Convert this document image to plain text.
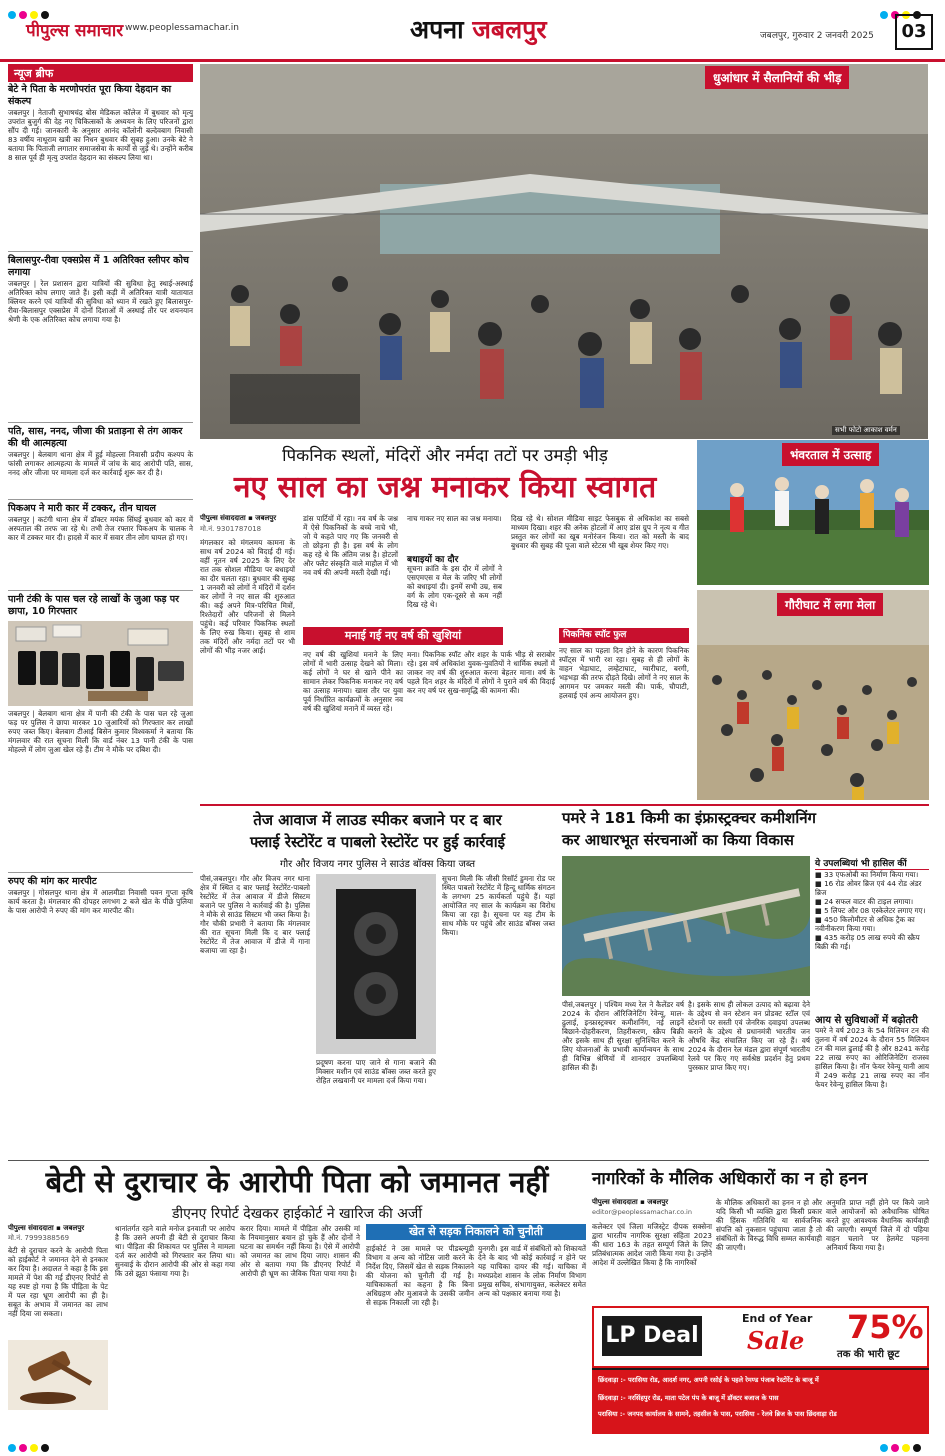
पीपुल्स समाचार www.peoplessamachar.in	अपना जबलपुर	जबलपुर, गुरुवार 2 जनवरी 2025	03
न्यूज ब्रीफ
बेटे ने पिता के मरणोपरांत पूरा किया देहदान का संकल्प
जबलपुर | नेताजी सुभाषचंद्र बोस मेडिकल कॉलेज में बुधवार को मृत्यु उपरांत बुजुर्ग की देह नए चिकित्सकों के अध्ययन के लिए परिजनों द्वारा सौंप दी गई। जानकारी के अनुसार आनंद कॉलोनी बल्देवबाग निवासी 83 वर्षीय नाथूराम खत्री का निधन बुधवार की सुबह हुआ। उनके बेटे ने बताया कि पिताजी लगातार समाजसेवा के कार्यों से जुड़े थे। उन्होंने करीब 8 साल पूर्व ही मृत्यु उपरांत देहदान का संकल्प लिया था।
बिलासपुर-रीवा एक्सप्रेस में 1 अतिरिक्त स्लीपर कोच लगाया
जबलपुर | रेल प्रशासन द्वारा यात्रियों की सुविधा हेतु स्थाई-अस्थाई अतिरिक्त कोच लगाए जाते हैं। इसी कड़ी में अतिरिक्त यात्री यातायात क्लियर करने एवं यात्रियों की सुविधा को ध्यान में रखते हुए बिलासपुर-रीवा-बिलासपुर एक्सप्रेस में दोनों दिशाओं में अस्थाई तौर पर शयनयान श्रेणी के एक अतिरिक्त कोच लगाया गया है।
पति, सास, ननद, जीजा की प्रताड़ना से तंग आकर की थी आत्महत्या
जबलपुर | बेलबाग थाना क्षेत्र में हुई मोहल्ला निवासी प्रदीप कश्यप के फांसी लगाकर आत्महत्या के मामले में जांच के बाद आरोपी पति, सास, ननद और जीजा पर मामला दर्ज कर कार्रवाई शुरू कर दी है।
पिकअप ने मारी कार में टक्कर, तीन घायल
जबलपुर | कटंगी थाना क्षेत्र में डॉक्टर मयंक सिंघई बुधवार को कार में अस्पताल की तरफ जा रहे थे। तभी तेज रफ्तार पिकअप के चालक ने कार में टक्कर मार दी। हादसे में कार में सवार तीन लोग घायल हो गए।
पानी टंकी के पास चल रहे लाखों के जुआ फड़ पर छापा, 10 गिरफ्तार
जबलपुर | बेलबाग थाना क्षेत्र में पानी की टंकी के पास चल रहे जुआ फड़ पर पुलिस ने छापा मारकर 10 जुआरियों को गिरफ्तार कर लाखों रुपए जब्त किए। बेलबाग टीआई बिसेन कुमार विश्वकर्मा ने बताया कि मंगलवार की रात सूचना मिली कि वार्ड नंबर 13 पानी टंकी के पास मोहल्ले में लोग जुआ खेल रहे हैं। टीम ने मौके पर दबिश दी।
रुपए की मांग कर मारपीट
जबलपुर | गोसलपुर थाना क्षेत्र में आलमीडा निवासी पवन गुप्ता कृषि कार्य करता है। मंगलवार की दोपहर लगभग 2 बजे खेत के पीछे पुलिया के पास आरोपी ने रुपए की मांग कर मारपीट की।
धुआंधार में सैलानियों की भीड़
सभी फोटो आकाश वर्मन
पिकनिक स्थलों, मंदिरों और नर्मदा तटों पर उमड़ी भीड़
नए साल का जश्न मनाकर किया स्वागत
पीपुल्स संवाददाता ▪ जबलपुर
मो.नं. 9301787018
मंगलकार को मंगलमय कामना के साथ वर्ष 2024 को विदाई दी गई। वहीं नूतन वर्ष 2025 के लिए देर रात तक सोशल मीडिया पर बधाइयों का दौर चलता रहा। बुधवार की सुबह 1 जनवरी को लोगों ने मंदिरों में दर्शन कर लोगों ने नए साल की शुरुआत की। कई अपने मित्र-परिचित मित्रों, रिश्तेदारों और परिजनों से मिलने पहुंचे। कई परिवार पिकनिक स्थलों के लिए रुख किया। सुबह से शाम तक मंदिरों और नर्मदा तटों पर भी लोगों की भीड़ नजर आई।
डांस पार्टियों में रहा। नव वर्ष के जश्न में ऐसे पिकनिकों के बच्चे नाचे भी, जो ये कहते पाए गए कि जनवरी से तो छोड़ना ही है। इस वर्ष के लोग कह रहे थे कि अंतिम जश्न है। होटलों और फ्लैट संस्कृति वाले माहौल में भी नव वर्ष की अपनी मस्ती देखी गई।
नाच गाकर नए साल का जश्न मनाया।
बधाइयों का दौर
सूचना क्रांति के इस दौर में लोगों ने एसएमएस व मेल के जरिए भी लोगों को बधाइयां दी। इनमें सभी उम्र, सब वर्ग के लोग एक-दूसरे से कम नहीं दिख रहे थे।
दिख रहे थे। सोशल मीडिया साइट फेसबुक से अधिकांश का सबसे माध्यम दिखा। शहर की अनेक होटलों में आए डांस ग्रुप ने नृत्य व गीत प्रस्तुत कर लोगों का खूब मनोरंजन किया। रात को मस्ती के बाद बुधवार की सुबह की पूजा वाले स्टेटस भी खूब शेयर किए गए।
मनाई गई नए वर्ष की खुशियां
नए वर्ष की खुशियां मनाने के लिए लोगों में भारी उत्साह देखने को मिला। कई लोगों ने घर से खाने पीने का सामान लेकर पिकनिक मनाकर नए वर्ष का उत्साह मनाया। खास तौर पर युवा पूर्व निर्धारित कार्यक्रमों के अनुसार नव वर्ष की खुशियां मनाने में व्यस्त रहे।
मना। पिकनिक स्पॉट और शहर के पार्क भीड़ से सराबोर रहे। इस वर्ष अधिकांश युवक-युवतियों ने धार्मिक स्थलों में जाकर नए वर्ष की शुरुआत करना बेहतर माना। वर्ष के पहले दिन शहर के मंदिरों में लोगों ने पुराने वर्ष की विदाई कर नए वर्ष पर सुख-समृद्धि की कामना की।
भंवरताल में उत्साह
पिकनिक स्पॉट फुल
नए साल का पहला दिन होने के कारण पिकनिक स्पॉट्स में भारी रश रहा। सुबह से ही लोगों के वाहन भेड़ाघाट, लम्हेटाघाट, ग्वारीघाट, बरगी, भड़भड़ा की तरफ दौड़ते दिखे। लोगों ने नए साल के आगमन पर जमकर मस्ती की। पार्क, चौपाटी, हलवाई एवं अन्य आयोजन हुए।
गौरीघाट में लगा मेला
तेज आवाज में लाउड स्पीकर बजाने पर द बार
फ्लाई रेस्टोरेंट व पाबलो रेस्टोरेंट पर हुई कार्रवाई
गौर और विजय नगर पुलिस ने साउंड बॉक्स किया जब्त
पीसं,जबलपुर। गौर और विजय नगर थाना क्षेत्र में स्थित द बार फ्लाई रेस्टोरेंट-पाबलो रेस्टोरेंट में तेज आवाज में डीजे सिस्टम बजाने पर पुलिस ने कार्रवाई की है। पुलिस ने मौके से साउंड सिस्टम भी जब्त किया है। गौर चौकी प्रभारी ने बताया कि मंगलवार की रात सूचना मिली कि द बार फ्लाई रेस्टोरेंट में तेज आवाज में डीजे में गाना बजाया जा रहा है।
प्रदूषण करना पाए जाने से गाना बजाने की मिक्सर मशीन एवं साउंड बॉक्स जब्त करते हुए रोहित लखवानी पर मामला दर्ज किया गया।
सूचना मिली कि जीसी रिसॉर्ट डुमना रोड पर स्थित पाबलो रेस्टोरेंट में हिन्दू धार्मिक संगठन के लगभग 25 कार्यकर्ता पहुंचे हैं। यहां आयोजित नए साल के कार्यक्रम का विरोध किया जा रहा है। सूचना पर यह टीम के साथ मौके पर पहुंचे और साउंड बॉक्स जब्त किया।
पमरे ने 181 किमी का इंफ्रास्ट्रक्चर कमीशनिंग
कर आधारभूत संरचनाओं का किया विकास
पीसं,जबलपुर | पश्चिम मध्य रेल ने कैलेंडर वर्ष 2024 के दौरान ऑरिजिनेटिंग रेवेन्यू, माल-ढुलाई, इन्फ्रास्ट्रक्चर कमीशनिंग, नई लाइनें बिछाने-दोहरीकरण, तिहरीकरण, स्क्रैप बिक्री और इसके साथ ही सुरक्षा सुनिश्चित करने के लिए योजनाओं के प्रभावी कार्यान्वयन के साथ ही विभिन्न श्रेणियों में शानदार उपलब्धियां हासिल की हैं।
है। इसके साथ ही लोकल उत्पाद को बढ़ावा देने के उद्देश्य से वन स्टेशन वन प्रोडक्ट स्टॉल एवं स्टेशनों पर सस्ती एवं जेनरिक दवाइयां उपलब्ध कराने के उद्देश्य से प्रधानमंत्री भारतीय जन औषधि केंद्र संचालित किए जा रहे हैं। वर्ष 2024 के दौरान रेल मंडल द्वारा संपूर्ण भारतीय रेलवे पर किए गए सर्वश्रेष्ठ प्रदर्शन हेतु प्रथम पुरस्कार प्राप्त किए गए।
ये उपलब्धियां भी हासिल कीं
■ 33 एफओबी का निर्माण किया गया।
■ 16 रोड ओवर ब्रिज एवं 44 रोड अंडर ब्रिज
■ 24 सफल वाटर की टाइल लगाया।
■ 5 लिफ्ट और 08 एस्केलेटर लगाए गए।
■ 450 किलोमीटर से अधिक ट्रैक का नवीनीकरण किया गया।
■ 435 करोड़ 05 लाख रुपये की स्क्रैप बिक्री की गई।
आय से सुविधाओं में बढ़ोतरी
पमरे ने वर्ष 2023 के 54 मिलियन टन की तुलना में वर्ष 2024 के दौरान 55 मिलियन टन की माल ढुलाई की है और 8241 करोड़ 22 लाख रुपए का ओरिजिनेटिंग राजस्व हासिल किया है। नॉन फेयर रेवेन्यू यानी आय में 249 करोड़ 21 लाख रुपए का नॉन फेयर रेवेन्यू हासिल किया है।
बेटी से दुराचार के आरोपी पिता को जमानत नहीं
डीएनए रिपोर्ट देखकर हाईकोर्ट ने खारिज की अर्जी
पीपुल्स संवाददाता ▪ जबलपुर
मो.नं. 7999388569
बेटी से दुराचार करने के आरोपी पिता को हाईकोर्ट ने जमानत देने से इनकार कर दिया है। अदालत ने कहा है कि इस मामले में पेश की गई डीएनए रिपोर्ट से यह स्पष्ट हो गया है कि पीड़िता के पेट में पल रहा भ्रूण आरोपी का ही है। सबूत के अभाव में जमानत का लाभ नहीं दिया जा सकता।
थानांतर्गत रहने वाले मनोज इनवाती पर आरोप है कि उसने अपनी ही बेटी से दुराचार किया था। पीड़िता की शिकायत पर पुलिस ने मामला दर्ज कर आरोपी को गिरफ्तार कर लिया था। सुनवाई के दौरान आरोपी की ओर से कहा गया कि उसे झूठा फंसाया गया है।
करार दिया। मामले में पीड़िता और उसकी मां के नियमानुसार बयान हो चुके हैं और दोनों ने घटना का समर्थन नहीं किया है। ऐसे में आरोपी को जमानत का लाभ दिया जाए। शासन की ओर से बताया गया कि डीएनए रिपोर्ट में आरोपी ही भ्रूण का जैविक पिता पाया गया है।
खेत से सड़क निकालने को चुनौती
हाईकोर्ट ने उस मामले पर पीडब्ल्यूडी विभाग व अन्य को नोटिस जारी करने के निर्देश दिए, जिसमें खेत से सड़क निकालने की योजना को चुनौती दी गई है। याचिकाकर्ता का कहना है कि बिना अधिग्रहण और मुआवजे के उसकी जमीन से सड़क निकाली जा रही है।
युनगरी। इस वार्ड में संबंधितों को शिकायतें देने के बाद भी कोई कार्रवाई न होने पर यह याचिका दायर की गई। याचिका में मध्यप्रदेश शासन के लोक निर्माण विभाग प्रमुख सचिव, संभागायुक्त, कलेक्टर समेत अन्य को पक्षकार बनाया गया है।
नागरिकों के मौलिक अधिकारों का न हो हनन
पीपुल्स संवाददाता ▪ जबलपुर
editor@peoplessamachar.co.in
कलेक्टर एवं जिला मजिस्ट्रेट दीपक सक्सेना द्वारा भारतीय नागरिक सुरक्षा संहिता 2023 की धारा 163 के तहत सम्पूर्ण जिले के लिए प्रतिबंधात्मक आदेश जारी किया गया है। उन्होंने आदेश में उल्लेखित किया है कि नागरिकों
के मौलिक अधिकारों का हनन न हो और यदि किसी भी व्यक्ति द्वारा किसी प्रकार की हिंसक गतिविधि या सार्वजनिक संपत्ति को नुकसान पहुंचाया जाता है तो संबंधितों के विरुद्ध विधि सम्मत कार्यवाही की जाएगी।
अनुमति प्राप्त नहीं होने पर किये जाने वाले आयोजनों को अवैधानिक घोषित करते हुए आवश्यक वैधानिक कार्यवाही की जाएगी। सम्पूर्ण जिले में दो पहिया वाहन चलाने पर हेलमेट पहनना अनिवार्य किया गया है।
LP Deal
End of Year
Sale 75%
तक की भारी छूट
छिंदवाड़ा :- परासिया रोड, आदर्श नगर, अपनी रसोई के पहले रेमण्ड पंजाब रेस्टोरेंट के बाजू में
छिंदवाड़ा :- नरसिंहपुर रोड, माता पटेल पंप के बाजू में डॉक्टर बजाज के पास
परासिया :- जनपद कार्यालय के सामने, तहसील के पास, परासिया - रेलवे ब्रिज के पास छिंदवाड़ा रोड
